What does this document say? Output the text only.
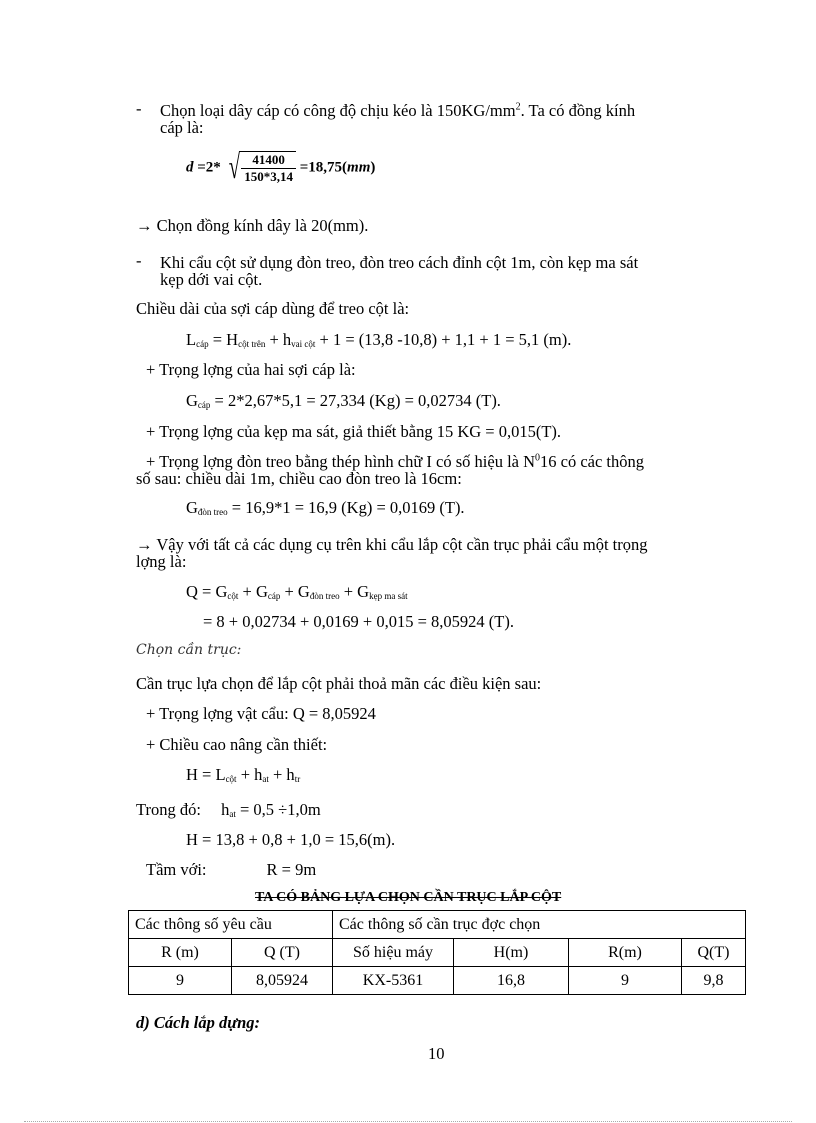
- Chọn loại dây cáp có công độ chịu kéo là $150KG/mm^2$. Ta có đồng kính
cáp là:
d =2* √ $\frac{41400}{150*3,14} =18,75(mm)$
→ Chọn đồng kính dây là 20(mm).
- Khi cẩu cột sử dụng đòn treo, đòn treo cách đỉnh cột 1m, còn kẹp ma sát
kẹp dới vai cột.
Chiều dài của sợi cáp dùng để treo cột là:
$L_{cáp} = H_{cột trên} + h_{vai cột} + 1 = (13,8$ -10,8) + 1,1 + 1 = 5,1 (m).
+ Trọng lợng của hai sợi cáp là:
$G_{cáp} = 2*2,67*5,1 = 27,334$ (Kg) = 0,02734 (T).
+ Trọng lợng của kẹp ma sát, giả thiết bằng 15 KG = 0,015(T).
+ Trọng lợng đòn treo bằng thép hình chữ I có số hiệu là $N^016$ có các thông
số sau: chiều dài 1m, chiều cao đòn treo là 16cm:
$G_{đòn treo} = 16,9*1 = 16,9$ (Kg) = 0,0169 (T).
→ Vậy với tất cả các dụng cụ trên khi cẩu lắp cột cần trục phải cẩu một trọng
lợng là:
$Q = G_{cột} + G_{cáp} + G_{đòn treo} + G_{kẹp ma sát}$
= 8 + 0,02734 + 0,0169 + 0,015 = 8,05924 (T).
Chọn cần trục:
Cần trục lựa chọn để lắp cột phải thoả mãn các điều kiện sau:
+ Trọng lợng vật cẩu: Q = 8,05924
+ Chiều cao nâng cần thiết:
$H = L_{cột} + h_{at} + h_{tr}$
Trong đó: $h_{at} = 0,5 \div 1,0m$
H = 13,8 + 0,8 + 1,0 = 15,6(m).
Tầm với:	R = 9m
TA CÓ BẢNG LỰA CHỌN CẦN TRỤC LẮP CỘT
Các thông số yêu cầu		Các thông số cần trục đợc chọn			
R (m)	Q (T)	Số hiệu máy	H(m)	R(m)	Q(T)
9	8,05924	KX-5361	16,8	9	9,8
d) Cách lắp dựng:
10
